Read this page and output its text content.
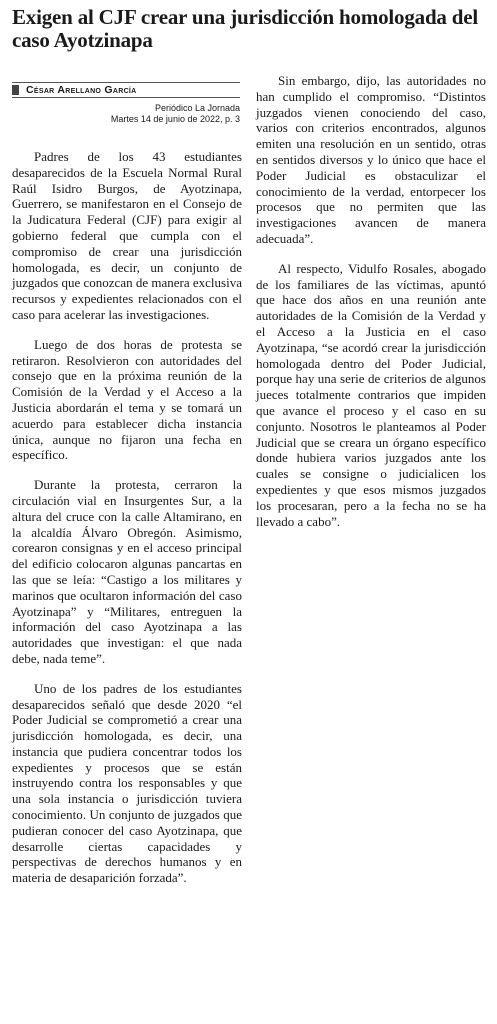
Exigen al CJF crear una jurisdicción homologada del caso Ayotzinapa
César Arellano García
Periódico La Jornada
Martes 14 de junio de 2022, p. 3

Padres de los 43 estudiantes desaparecidos de la Escuela Normal Rural Raúl Isidro Burgos, de Ayotzinapa, Guerrero, se manifestaron en el Consejo de la Judicatura Federal (CJF) para exigir al gobierno federal que cumpla con el compromiso de crear una jurisdicción homologada, es decir, un conjunto de juzgados que conozcan de manera exclusiva recursos y expedientes relacionados con el caso para acelerar las investigaciones.

Luego de dos horas de protesta se retiraron. Resolvieron con autoridades del consejo que en la próxima reunión de la Comisión de la Verdad y el Acceso a la Justicia abordarán el tema y se tomará un acuerdo para establecer dicha instancia única, aunque no fijaron una fecha en específico.

Durante la protesta, cerraron la circulación vial en Insurgentes Sur, a la altura del cruce con la calle Altamirano, en la alcaldía Álvaro Obregón. Asimismo, corearon consignas y en el acceso principal del edificio colocaron algunas pancartas en las que se leía: “Castigo a los militares y marinos que ocultaron información del caso Ayotzinapa” y “Militares, entreguen la información del caso Ayotzinapa a las autoridades que investigan: el que nada debe, nada teme”.

Uno de los padres de los estudiantes desaparecidos señaló que desde 2020 “el Poder Judicial se comprometió a crear una jurisdicción homologada, es decir, una instancia que pudiera concentrar todos los expedientes y procesos que se están instruyendo contra los responsables y que una sola instancia o jurisdicción tuviera conocimiento. Un conjunto de juzgados que pudieran conocer del caso Ayotzinapa, que desarrolle ciertas capacidades y perspectivas de derechos humanos y en materia de desaparición forzada”.

Sin embargo, dijo, las autoridades no han cumplido el compromiso. “Distintos juzgados vienen conociendo del caso, varios con criterios encontrados, algunos emiten una resolución en un sentido, otras en sentidos diversos y lo único que hace el Poder Judicial es obstaculizar el conocimiento de la verdad, entorpecer los procesos que no permiten que las investigaciones avancen de manera adecuada”.

Al respecto, Vidulfo Rosales, abogado de los familiares de las víctimas, apuntó que hace dos años en una reunión ante autoridades de la Comisión de la Verdad y el Acceso a la Justicia en el caso Ayotzinapa, “se acordó crear la jurisdicción homologada dentro del Poder Judicial, porque hay una serie de criterios de algunos jueces totalmente contrarios que impiden que avance el proceso y el caso en su conjunto. Nosotros le planteamos al Poder Judicial que se creara un órgano específico donde hubiera varios juzgados ante los cuales se consigne o judicialicen los expedientes y que esos mismos juzgados los procesaran, pero a la fecha no se ha llevado a cabo”.
